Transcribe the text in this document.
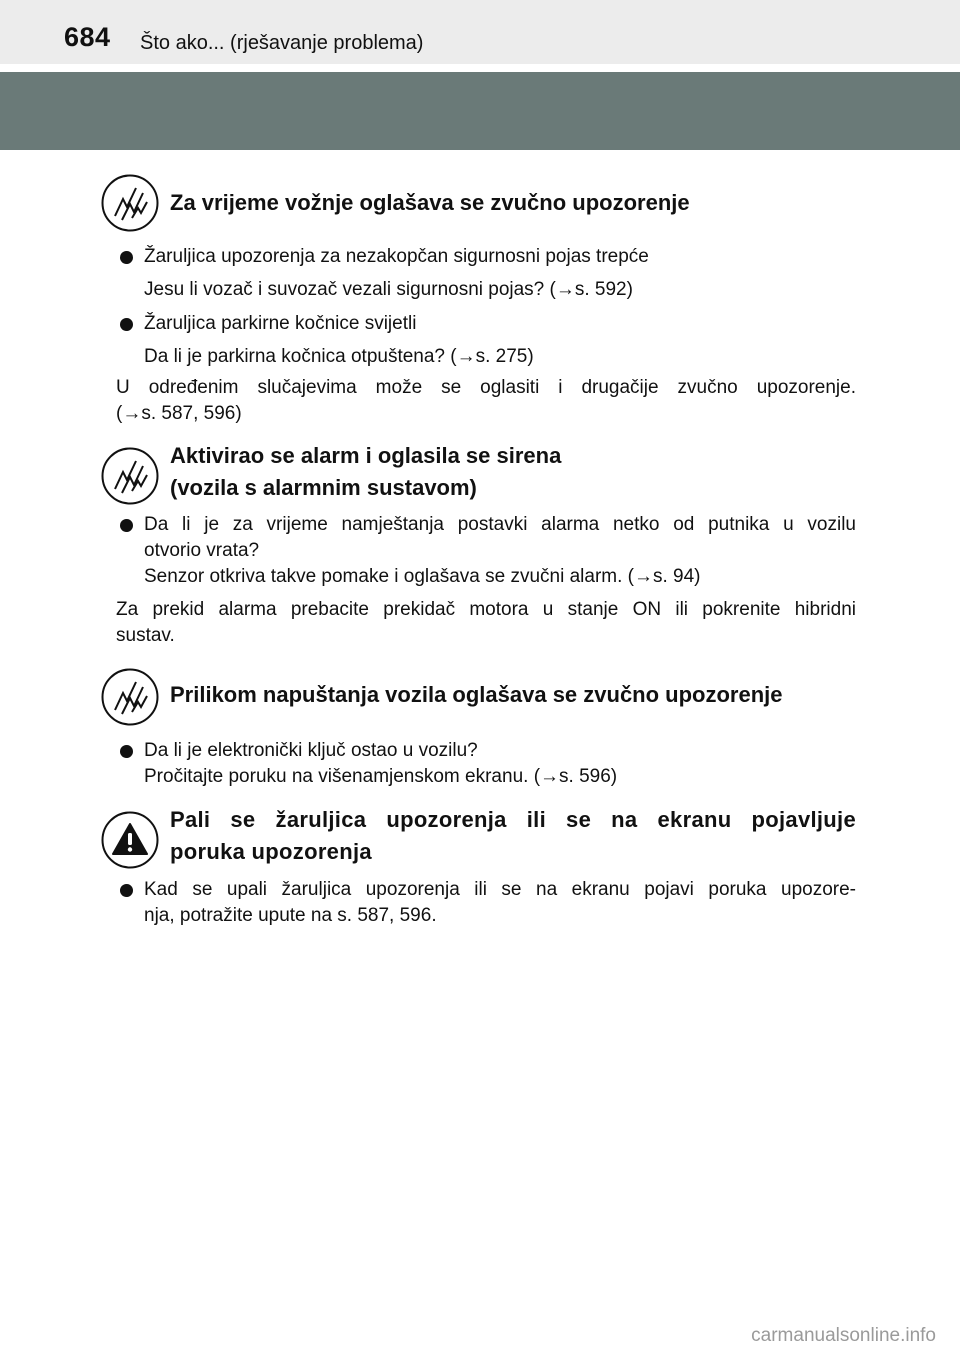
684 Što ako... (rješavanje problema)
Za vrijeme vožnje oglašava se zvučno upozorenje
Žaruljica upozorenja za nezakopčan sigurnosni pojas trepće
Jesu li vozač i suvozač vezali sigurnosni pojas? (→s. 592)
Žaruljica parkirne kočnice svijetli
Da li je parkirna kočnica otpuštena? (→s. 275)
U određenim slučajevima može se oglasiti i drugačije zvučno upozorenje.
(→s. 587, 596)
Aktivirao se alarm i oglasila se sirena
(vozila s alarmnim sustavom)
Da li je za vrijeme namještanja postavki alarma netko od putnika u vozilu
otvorio vrata?
Senzor otkriva takve pomake i oglašava se zvučni alarm. (→s. 94)
Za prekid alarma prebacite prekidač motora u stanje ON ili pokrenite hibridni
sustav.
Prilikom napuštanja vozila oglašava se zvučno upozorenje
Da li je elektronički ključ ostao u vozilu?
Pročitajte poruku na višenamjenskom ekranu. (→s. 596)
Pali se žaruljica upozorenja ili se na ekranu pojavljuje
poruka upozorenja
Kad se upali žaruljica upozorenja ili se na ekranu pojavi poruka upozore-
nja, potražite upute na s. 587, 596.
carmanualsonline.info
